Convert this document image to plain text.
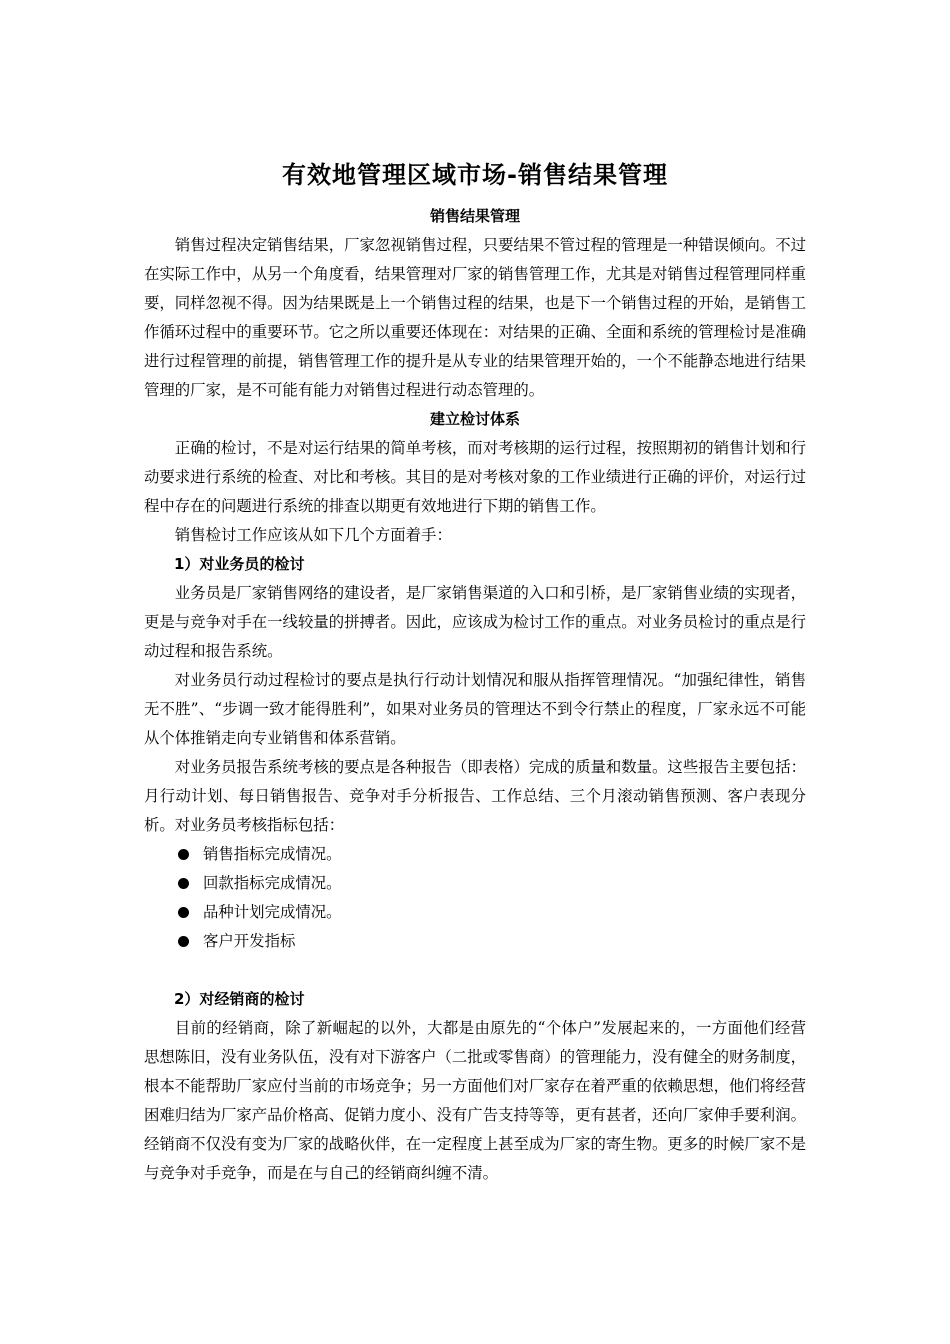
有效地管理区域市场-销售结果管理

销售结果管理

销售过程决定销售结果，厂家忽视销售过程，只要结果不管过程的管理是一种错误倾向。不过在实际工作中，从另一个角度看，结果管理对厂家的销售管理工作，尤其是对销售过程管理同样重要，同样忽视不得。因为结果既是上一个销售过程的结果，也是下一个销售过程的开始，是销售工作循环过程中的重要环节。它之所以重要还体现在：对结果的正确、全面和系统的管理检讨是准确进行过程管理的前提，销售管理工作的提升是从专业的结果管理开始的，一个不能静态地进行结果管理的厂家，是不可能有能力对销售过程进行动态管理的。

建立检讨体系

正确的检讨，不是对运行结果的简单考核，而对考核期的运行过程，按照期初的销售计划和行动要求进行系统的检查、对比和考核。其目的是对考核对象的工作业绩进行正确的评价，对运行过程中存在的问题进行系统的排查以期更有效地进行下期的销售工作。

销售检讨工作应该从如下几个方面着手：

1）对业务员的检讨

业务员是厂家销售网络的建设者，是厂家销售渠道的入口和引桥，是厂家销售业绩的实现者，更是与竞争对手在一线较量的拼搏者。因此，应该成为检讨工作的重点。对业务员检讨的重点是行动过程和报告系统。

对业务员行动过程检讨的要点是执行行动计划情况和服从指挥管理情况。“加强纪律性，销售无不胜”、“步调一致才能得胜利”，如果对业务员的管理达不到令行禁止的程度，厂家永远不可能从个体推销走向专业销售和体系营销。

对业务员报告系统考核的要点是各种报告（即表格）完成的质量和数量。这些报告主要包括：月行动计划、每日销售报告、竞争对手分析报告、工作总结、三个月滚动销售预测、客户表现分析。对业务员考核指标包括：

销售指标完成情况。
回款指标完成情况。
品种计划完成情况。
客户开发指标

2）对经销商的检讨

目前的经销商，除了新崛起的以外，大都是由原先的“个体户”发展起来的，一方面他们经营思想陈旧，没有业务队伍，没有对下游客户（二批或零售商）的管理能力，没有健全的财务制度，根本不能帮助厂家应付当前的市场竞争；另一方面他们对厂家存在着严重的依赖思想，他们将经营困难归结为厂家产品价格高、促销力度小、没有广告支持等等，更有甚者，还向厂家伸手要利润。经销商不仅没有变为厂家的战略伙伴，在一定程度上甚至成为厂家的寄生物。更多的时候厂家不是与竞争对手竞争，而是在与自己的经销商纠缠不清。
